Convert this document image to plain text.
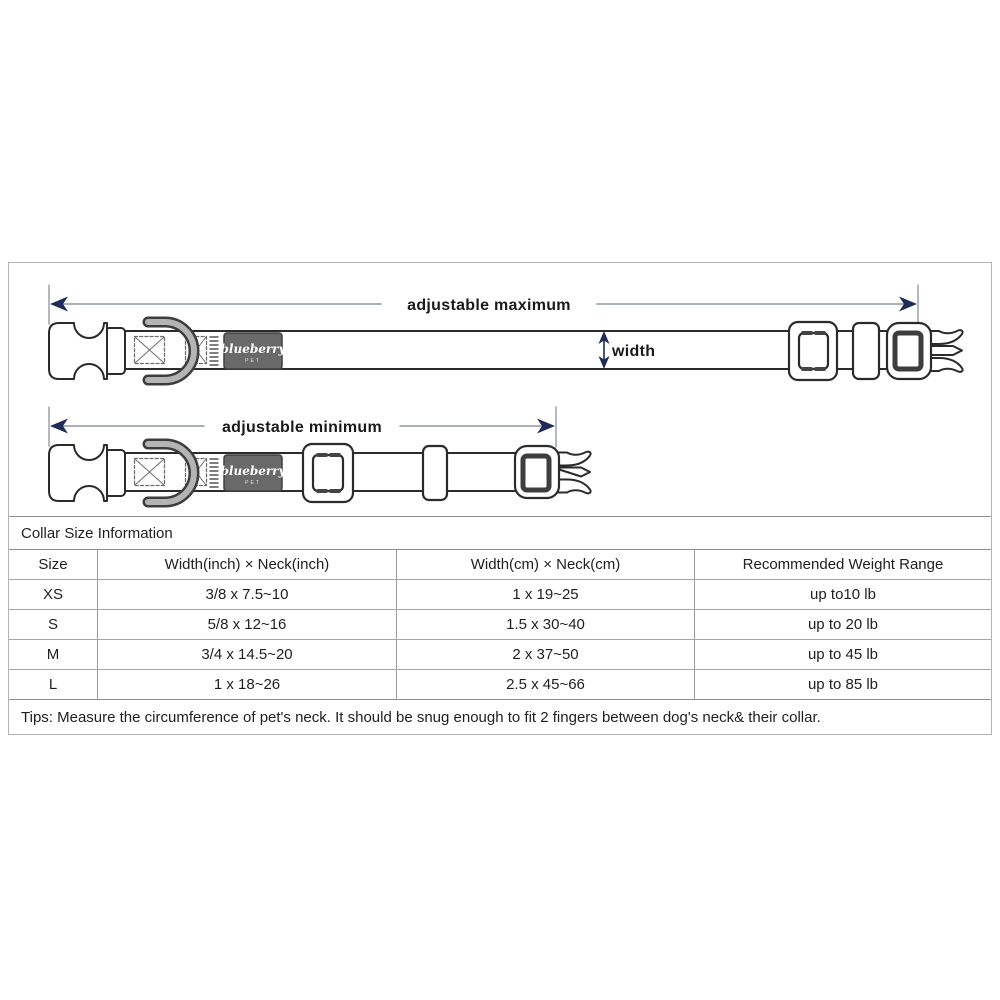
adjustable maximum
blueberry
PET
width
adjustable minimum
blueberry
PET
Collar Size Information
Size	Width(inch) × Neck(inch)	Width(cm) × Neck(cm)	Recommended Weight Range
XS	3/8 x 7.5~10	1 x 19~25	up to10 lb
S	5/8 x 12~16	1.5 x 30~40	up to 20 lb
M	3/4 x 14.5~20	2 x 37~50	up to 45 lb
L	1 x 18~26	2.5 x 45~66	up to 85 lb
Tips: Measure the circumference of pet's neck. It should be snug enough to fit 2 fingers between dog's neck& their collar.
